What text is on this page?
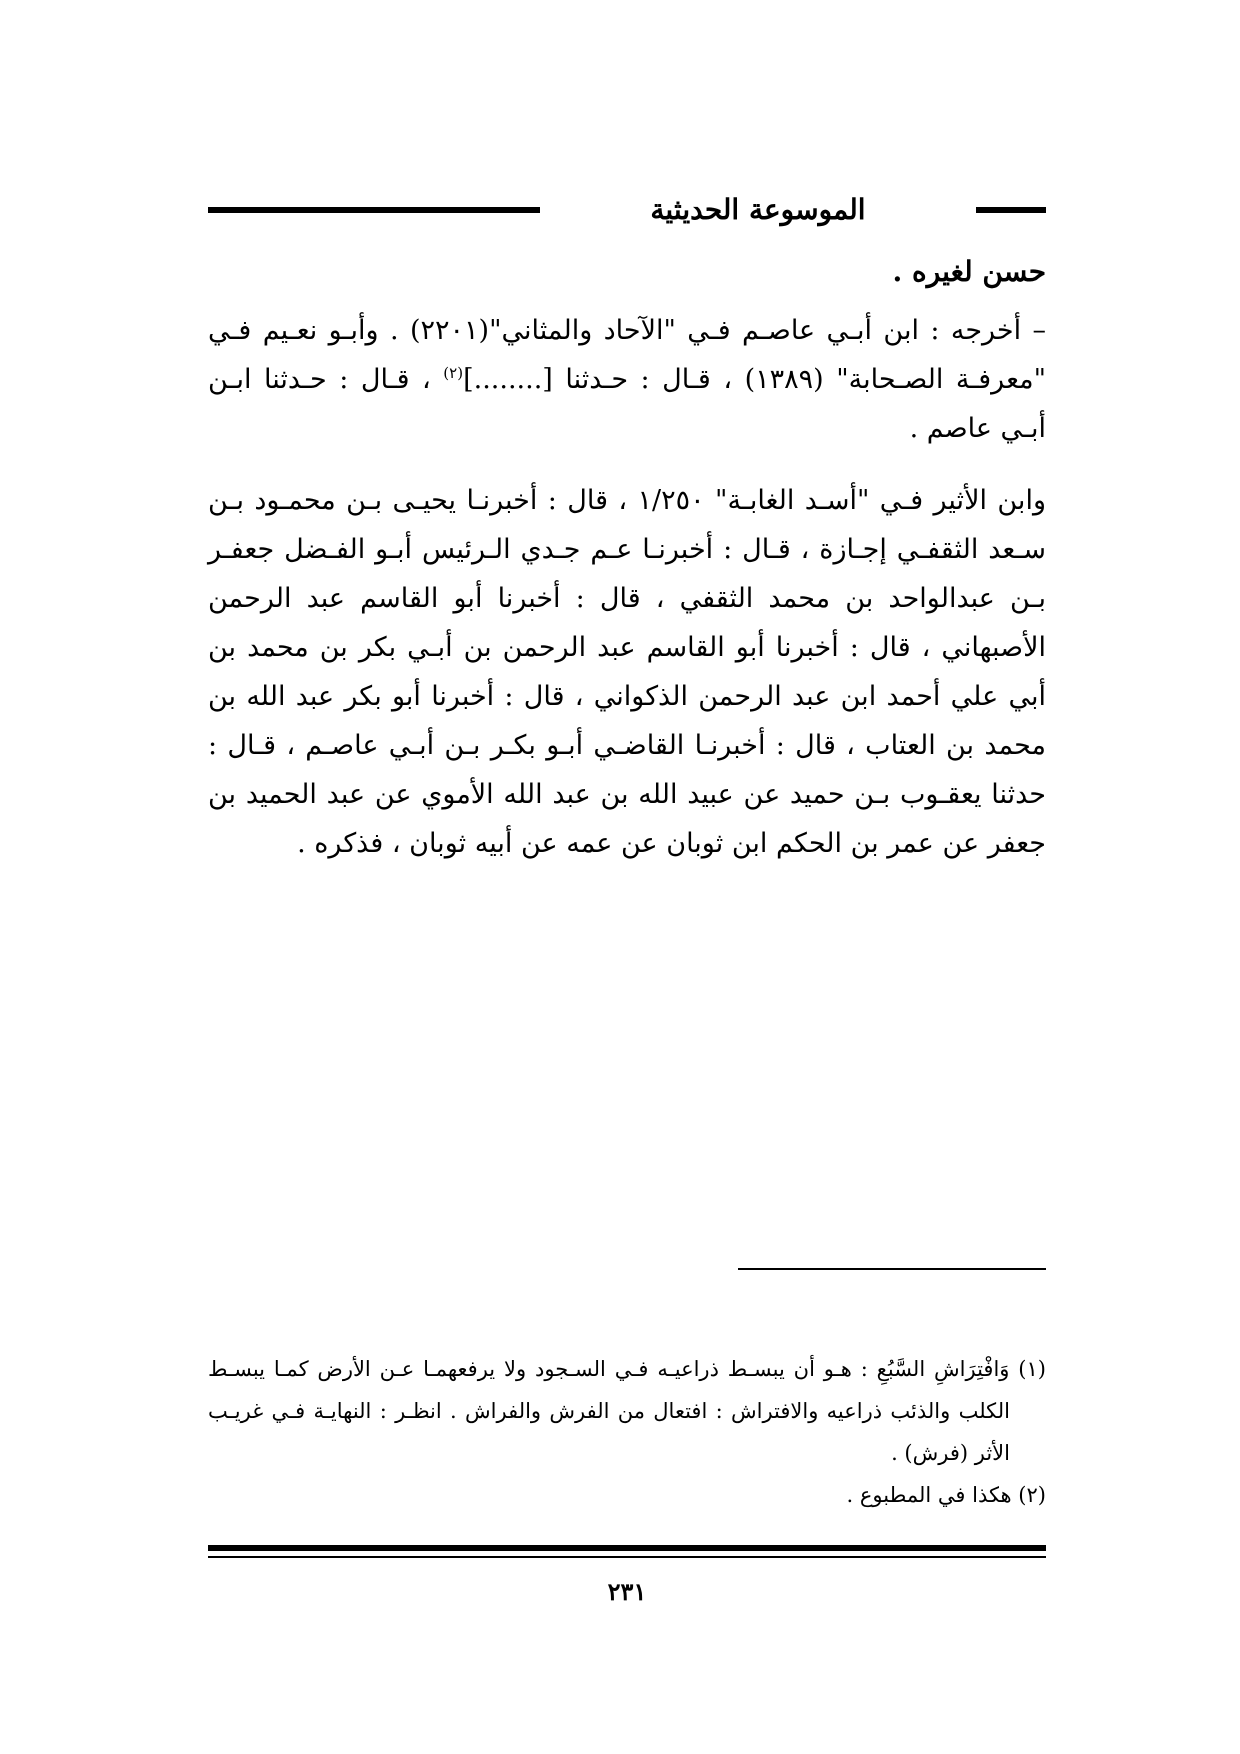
الموسوعة الحديثية
حسن لغيره .
– أخرجه : ابن أبـي عاصـم فـي "الآحاد والمثاني"(٢٢٠١) . وأبـو نعـيم فـي "معرفـة الصـحابة" (١٣٨٩) ، قـال : حـدثنا [........]$^{(٢)}$ ، قـال : حـدثنا ابـن أبـي عاصم .
وابن الأثير فـي "أسـد الغابـة" ١/٢٥٠ ، قال : أخبرنـا يحيـى بـن محمـود بـن سـعد الثقفـي إجـازة ، قـال : أخبرنـا عـم جـدي الـرئيس أبـو الفـضل جعفـر بـن عبدالواحد بن محمد الثقفي ، قال : أخبرنا أبو القاسم عبد الرحمن الأصبهاني ، قال : أخبرنا أبو القاسم عبد الرحمن بن أبـي بكر بن محمد بن أبي علي أحمد ابن عبد الرحمن الذكواني ، قال : أخبرنا أبو بكر عبد الله بن محمد بن العتاب ، قال : أخبرنـا القاضـي أبـو بكـر بـن أبـي عاصـم ، قـال : حدثنا يعقـوب بـن حميد عن عبيد الله بن عبد الله الأموي عن عبد الحميد بن جعفر عن عمر بن الحكم ابن ثوبان عن عمه عن أبيه ثوبان ، فذكره .
(١) وَافْتِرَاشِ السَّبُعِ : هـو أن يبسـط ذراعيـه فـي السـجود ولا يرفعهمـا عـن الأرض كمـا يبسـط الكلب والذئب ذراعيه والافتراش : افتعال من الفرش والفراش . انظـر : النهايـة فـي غريـب الأثر (فرش) .
(٢) هكذا في المطبوع .
٢٣١
